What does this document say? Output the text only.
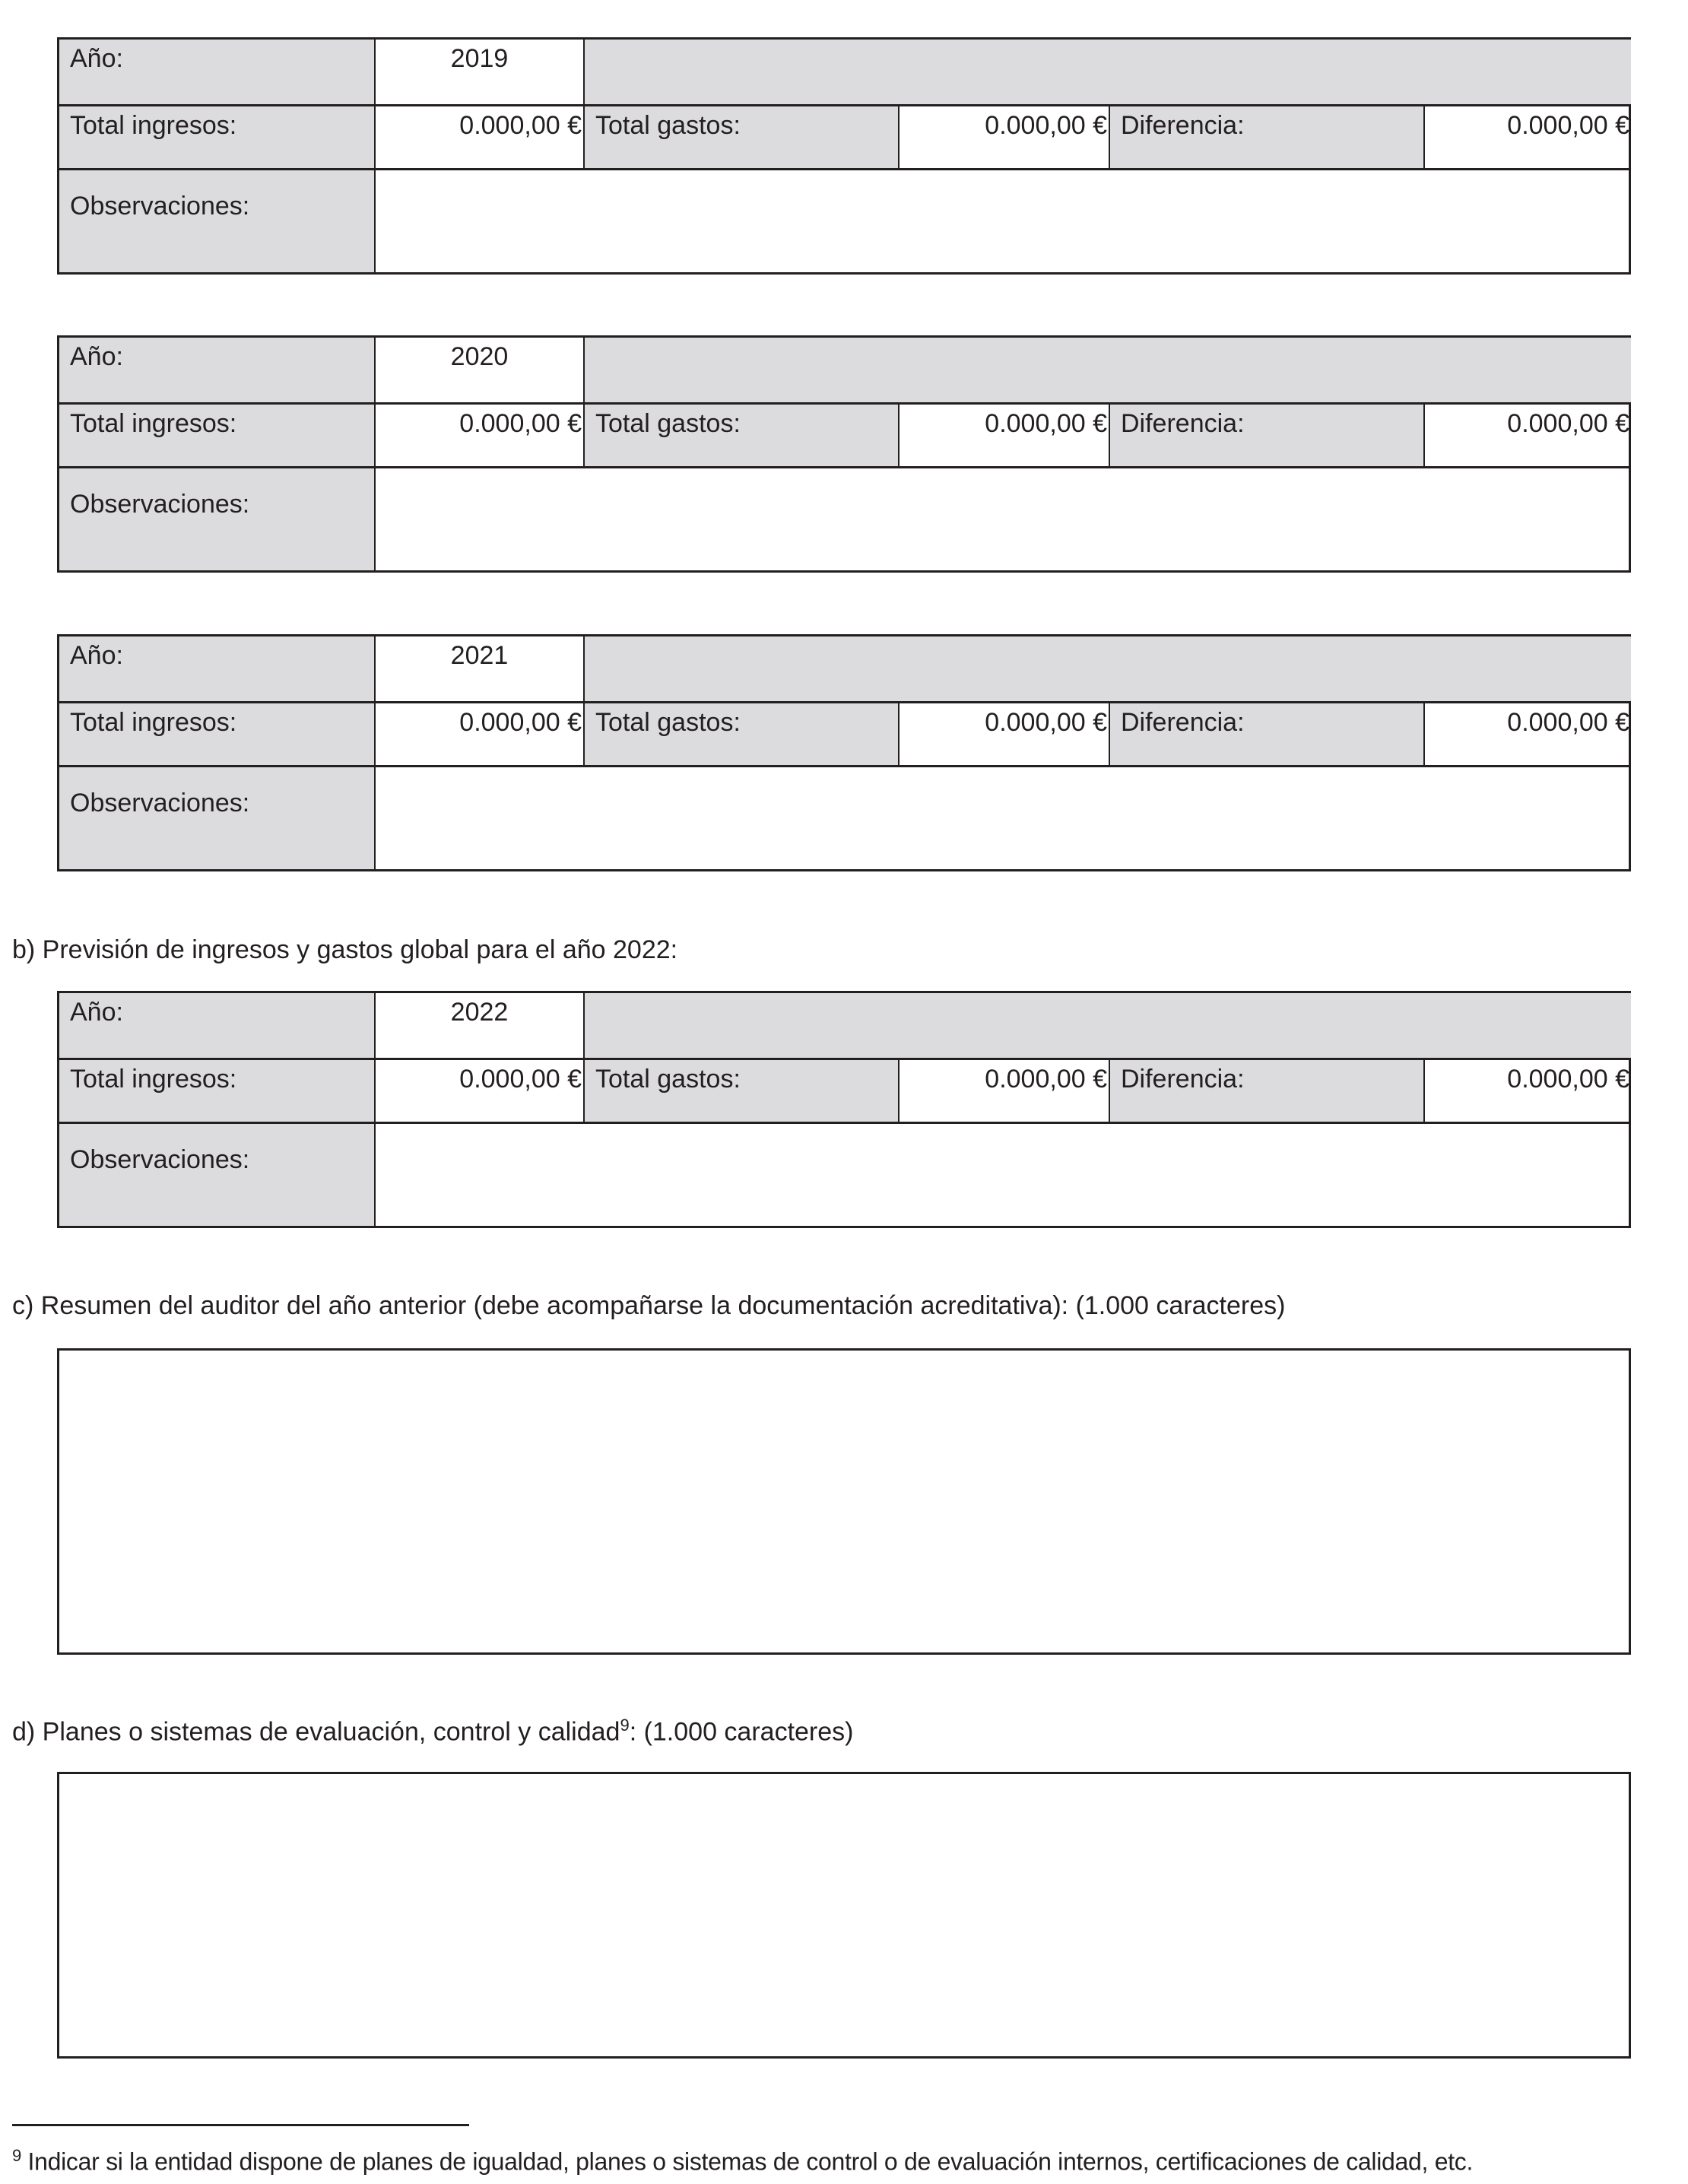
Año:	2019
Total ingresos:	0.000,00 € Total gastos:	0.000,00 € Diferencia:	0.000,00 €
Observaciones:
Año:	2020
Total ingresos:	0.000,00 € Total gastos:	0.000,00 € Diferencia:	0.000,00 €
Observaciones:
Año:	2021
Total ingresos:	0.000,00 € Total gastos:	0.000,00 € Diferencia:	0.000,00 €
Observaciones:
Año:	2022
Total ingresos:	0.000,00 € Total gastos:	0.000,00 € Diferencia:	0.000,00 €
Observaciones:
b) Previsión de ingresos y gastos global para el año 2022:
c) Resumen del auditor del año anterior (debe acompañarse la documentación acreditativa): (1.000 caracteres)
d) Planes o sistemas de evaluación, control y calidad$^9$: (1.000 caracteres)
$^9$ Indicar si la entidad dispone de planes de igualdad, planes o sistemas de control o de evaluación internos, certificaciones de calidad, etc.
